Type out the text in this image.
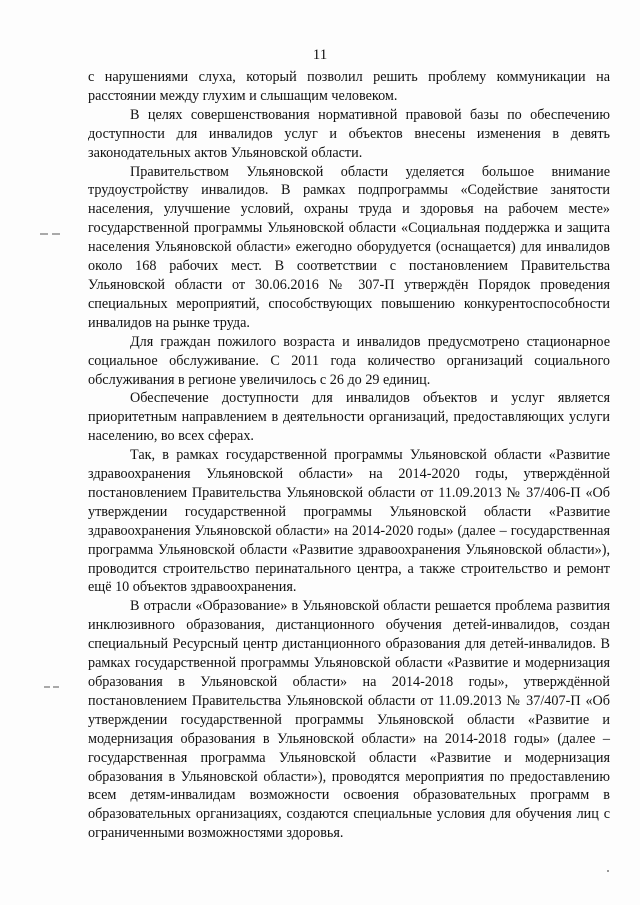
11

с нарушениями слуха, который позволил решить проблему коммуникации на расстоянии между глухим и слышащим человеком.

В целях совершенствования нормативной правовой базы по обеспечению доступности для инвалидов услуг и объектов внесены изменения в девять законодательных актов Ульяновской области.

Правительством Ульяновской области уделяется большое внимание трудоустройству инвалидов. В рамках подпрограммы «Содействие занятости населения, улучшение условий, охраны труда и здоровья на рабочем месте» государственной программы Ульяновской области «Социальная поддержка и защита населения Ульяновской области» ежегодно оборудуется (оснащается) для инвалидов около 168 рабочих мест. В соответствии с постановлением Правительства Ульяновской области от 30.06.2016 № 307-П утверждён Порядок проведения специальных мероприятий, способствующих повышению конкурентоспособности инвалидов на рынке труда.

Для граждан пожилого возраста и инвалидов предусмотрено стационарное социальное обслуживание. С 2011 года количество организаций социального обслуживания в регионе увеличилось с 26 до 29 единиц.

Обеспечение доступности для инвалидов объектов и услуг является приоритетным направлением в деятельности организаций, предоставляющих услуги населению, во всех сферах.

Так, в рамках государственной программы Ульяновской области «Развитие здравоохранения Ульяновской области» на 2014-2020 годы, утверждённой постановлением Правительства Ульяновской области от 11.09.2013 № 37/406-П «Об утверждении государственной программы Ульяновской области «Развитие здравоохранения Ульяновской области» на 2014-2020 годы» (далее – государственная программа Ульяновской области «Развитие здравоохранения Ульяновской области»), проводится строительство перинатального центра, а также строительство и ремонт ещё 10 объектов здравоохранения.

В отрасли «Образование» в Ульяновской области решается проблема развития инклюзивного образования, дистанционного обучения детей-инвалидов, создан специальный Ресурсный центр дистанционного образования для детей-инвалидов. В рамках государственной программы Ульяновской области «Развитие и модернизация образования в Ульяновской области» на 2014-2018 годы», утверждённой постановлением Правительства Ульяновской области от 11.09.2013 № 37/407-П «Об утверждении государственной программы Ульяновской области «Развитие и модернизация образования в Ульяновской области» на 2014-2018 годы» (далее – государственная программа Ульяновской области «Развитие и модернизация образования в Ульяновской области»), проводятся мероприятия по предоставлению всем детям-инвалидам возможности освоения образовательных программ в образовательных организациях, создаются специальные условия для обучения лиц с ограниченными возможностями здоровья.
